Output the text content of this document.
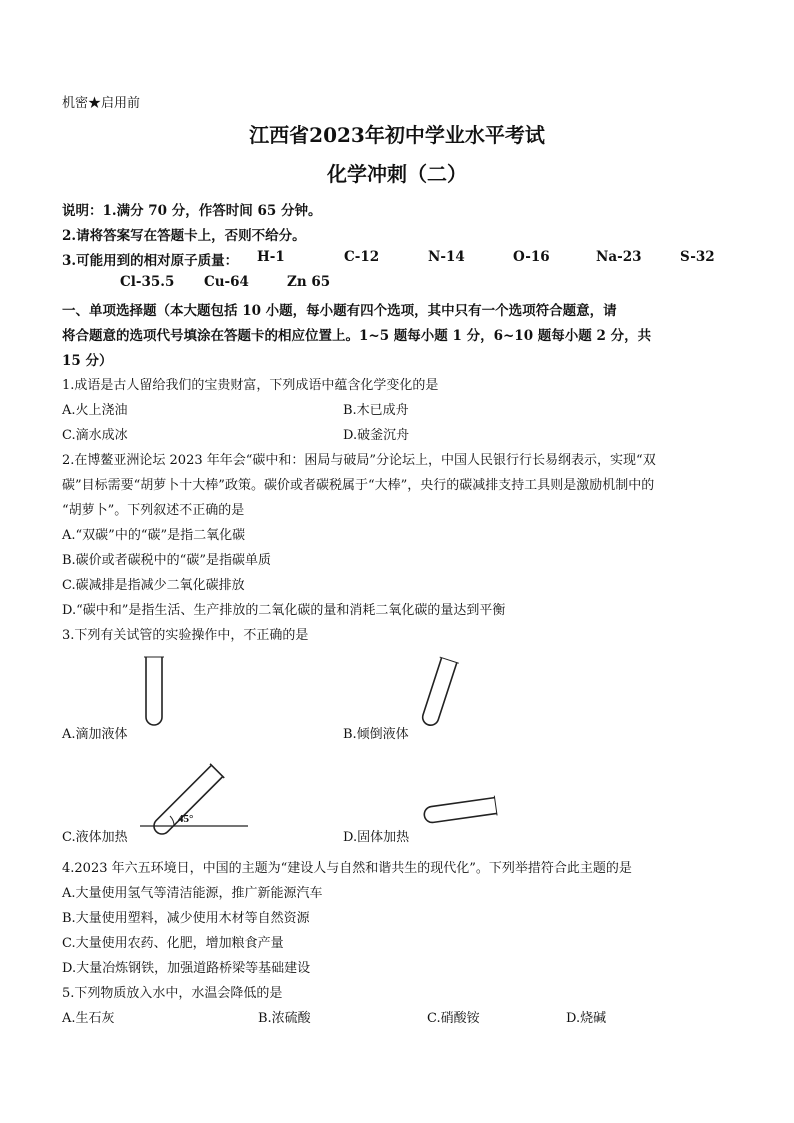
机密★启用前
江西省2023年初中学业水平考试
化学冲刺（二）
说明：1.满分 70 分，作答时间 65 分钟。
2.请将答案写在答题卡上，否则不给分。
3.可能用到的相对原子质量： H-1	C-12	N-14	O-16	Na-23	S-32
Cl-35.5 Cu-64	Zn 65
一、单项选择题（本大题包括 10 小题，每小题有四个选项，其中只有一个选项符合题意，请
将合题意的选项代号填涂在答题卡的相应位置上。1~5 题每小题 1 分，6~10 题每小题 2 分，共
15 分）
1.成语是古人留给我们的宝贵财富，下列成语中蕴含化学变化的是
A.火上浇油	B.木已成舟
C.滴水成冰	D.破釜沉舟
2.在博鳌亚洲论坛 2023 年年会“碳中和：困局与破局”分论坛上，中国人民银行行长易纲表示，实现“双
碳”目标需要“胡萝卜十大棒”政策。碳价或者碳税属于“大棒”，央行的碳减排支持工具则是激励机制中的
“胡萝卜”。下列叙述不正确的是
A.“双碳”中的“碳”是指二氧化碳
B.碳价或者碳税中的“碳”是指碳单质
C.碳减排是指减少二氧化碳排放
D.“碳中和”是指生活、生产排放的二氧化碳的量和消耗二氧化碳的量达到平衡
3.下列有关试管的实验操作中，不正确的是
A.滴加液体	B.倾倒液体
45°
C.液体加热	D.固体加热
4.2023 年六五环境日，中国的主题为“建设人与自然和谐共生的现代化”。下列举措符合此主题的是
A.大量使用氢气等清洁能源，推广新能源汽车
B.大量使用塑料，减少使用木材等自然资源
C.大量使用农药、化肥，增加粮食产量
D.大量冶炼钢铁，加强道路桥梁等基础建设
5.下列物质放入水中，水温会降低的是
A.生石灰	B.浓硫酸	C.硝酸铵	D.烧碱
